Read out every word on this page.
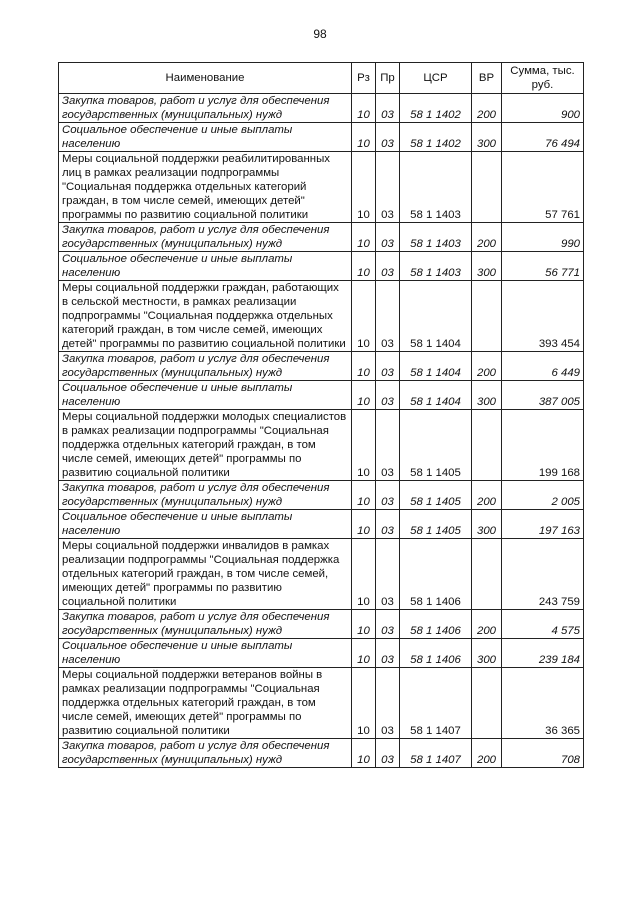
98
Наименование	Рз	Пр	ЦСР	ВР	Сумма, тыс. руб.
Закупка товаров, работ и услуг для обеспечения государственных (муниципальных) нужд	10	03	58 1 1402	200	900
Социальное обеспечение и иные выплаты населению	10	03	58 1 1402	300	76 494
Меры социальной поддержки реабилитированных лиц в рамках реализации подпрограммы "Социальная поддержка отдельных категорий граждан, в том числе семей, имеющих детей" программы по развитию социальной политики	10	03	58 1 1403		57 761
Закупка товаров, работ и услуг для обеспечения государственных (муниципальных) нужд	10	03	58 1 1403	200	990
Социальное обеспечение и иные выплаты населению	10	03	58 1 1403	300	56 771
Меры социальной поддержки граждан, работающих в сельской местности, в рамках реализации подпрограммы "Социальная поддержка отдельных категорий граждан, в том числе семей, имеющих детей" программы по развитию социальной политики	10	03	58 1 1404		393 454
Закупка товаров, работ и услуг для обеспечения государственных (муниципальных) нужд	10	03	58 1 1404	200	6 449
Социальное обеспечение и иные выплаты населению	10	03	58 1 1404	300	387 005
Меры социальной поддержки молодых специалистов в рамках реализации подпрограммы "Социальная поддержка отдельных категорий граждан, в том числе семей, имеющих детей" программы по развитию социальной политики	10	03	58 1 1405		199 168
Закупка товаров, работ и услуг для обеспечения государственных (муниципальных) нужд	10	03	58 1 1405	200	2 005
Социальное обеспечение и иные выплаты населению	10	03	58 1 1405	300	197 163
Меры социальной поддержки инвалидов в рамках реализации подпрограммы "Социальная поддержка отдельных категорий граждан, в том числе семей, имеющих детей" программы по развитию социальной политики	10	03	58 1 1406		243 759
Закупка товаров, работ и услуг для обеспечения государственных (муниципальных) нужд	10	03	58 1 1406	200	4 575
Социальное обеспечение и иные выплаты населению	10	03	58 1 1406	300	239 184
Меры социальной поддержки ветеранов войны в рамках реализации подпрограммы "Социальная поддержка отдельных категорий граждан, в том числе семей, имеющих детей" программы по развитию социальной политики	10	03	58 1 1407		36 365
Закупка товаров, работ и услуг для обеспечения государственных (муниципальных) нужд	10	03	58 1 1407	200	708
